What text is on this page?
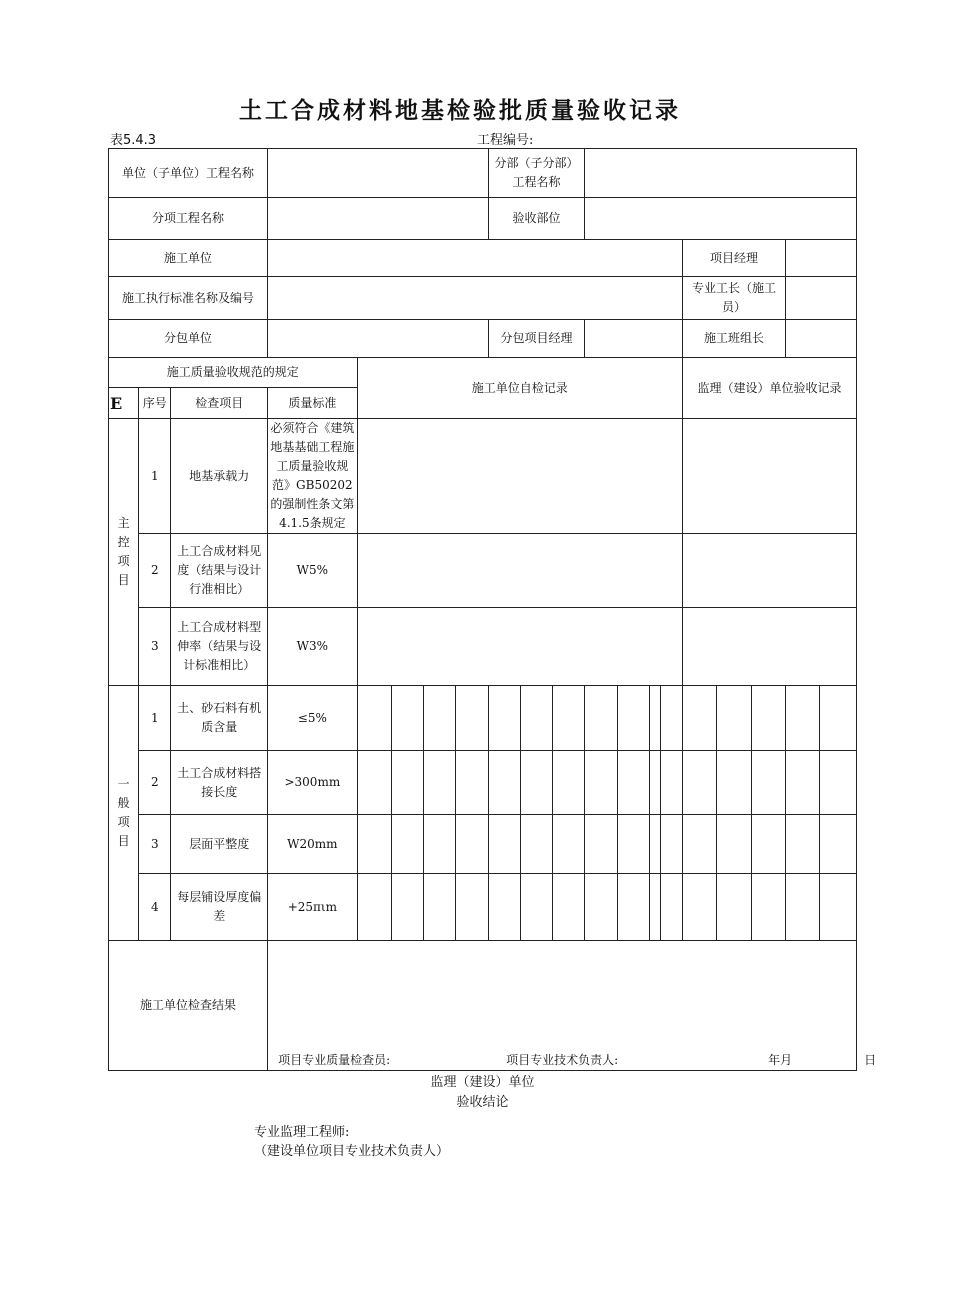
土工合成材料地基检验批质量验收记录
表5.4.3	工程编号:
单位（子单位）工程名称								分部（子分部）工程名称											
分项工程名称								验收部位											
施工单位															项目经理				
施工执行标准名称及编号															专业工长（施工员）				
分包单位								分包项目经理							施工班组长				
施工质量验收规范的规定				施工单位自检记录											监理（建设）单位验收记录				
E	序号	检查项目	质量标准																
主控项目	1	地基承载力	必须符合《建筑地基基础工程施工质量验收规范》GB50202的强制性条文第4.1.5条规定																
	2	上工合成材料见度（结果与设计行准相比）	W5%																
	3	上工合成材料型伸率（结果与设计标准相比）	W3%																
一般项目	1	土、砂石料有机质含量	≤5%																
	2	土工合成材料搭接长度	>300mm																
	3	层面平整度	W20mm																
	4	每层铺设厚度偏差	+25πιm																
施工单位检查结果			项目专业质量检查员: 项目专业技术负责人: 年月 日																
监理（建设）单位
验收结论
专业监理工程师:
（建设单位项目专业技术负责人）
